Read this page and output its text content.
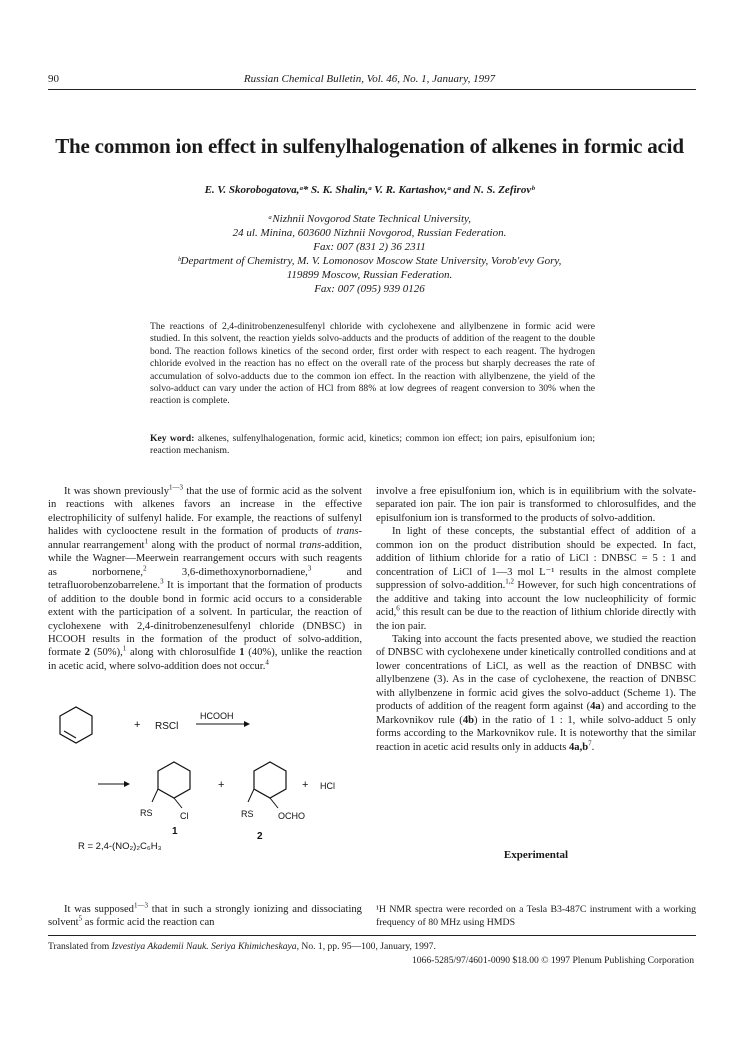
90	Russian Chemical Bulletin, Vol. 46, No. 1, January, 1997
The common ion effect in sulfenylhalogenation of alkenes in formic acid
E. V. Skorobogatova,ᵃ* S. K. Shalin,ᵃ V. R. Kartashov,ᵃ and N. S. Zefirovᵇ
ᵃNizhnii Novgorod State Technical University,
24 ul. Minina, 603600 Nizhnii Novgorod, Russian Federation.
Fax: 007 (831 2) 36 2311
ᵇDepartment of Chemistry, M. V. Lomonosov Moscow State University, Vorob'evy Gory,
119899 Moscow, Russian Federation.
Fax: 007 (095) 939 0126
The reactions of 2,4-dinitrobenzenesulfenyl chloride with cyclohexene and allylbenzene in formic acid were studied. In this solvent, the reaction yields solvo-adducts and the products of addition of the reagent to the double bond. The reaction follows kinetics of the second order, first order with respect to each reagent. The hydrogen chloride evolved in the reaction has no effect on the overall rate of the process but sharply decreases the rate of accumulation of solvo-adducts due to the common ion effect. In the reaction with allylbenzene, the yield of the solvo-adduct can vary under the action of HCl from 88% at low degrees of reagent conversion to 30% when the reaction is complete.
Key word: alkenes, sulfenylhalogenation, formic acid, kinetics; common ion effect; ion pairs, episulfonium ion; reaction mechanism.

It was shown previously$^{1—3}$ that the use of formic acid as the solvent in reactions with alkenes favors an increase in the effective electrophilicity of sulfenyl halide. For example, the reactions of sulfenyl halides with cyclooctene result in the formation of products of trans-annular rearrangement$^1$ along with the product of normal trans-addition, while the Wagner—Meerwein rearrangement occurs with such reagents as norbornene,$^2$ 3,6-dimethoxynorbornadiene,$^3$ and tetrafluorobenzobarrelene.$^3$ It is important that the formation of products of addition to the double bond in formic acid occurs to a considerable extent with the participation of a solvent. In particular, the reaction of cyclohexene with 2,4-dinitrobenzenesulfenyl chloride (DNBSC) in HCOOH results in the formation of the product of solvo-addition, formate 2 (50%),$^1$ along with chlorosulfide 1 (40%), unlike the reaction in acetic acid, where solvo-addition does not occur.$^4$

+ RSCl
HCOOH
RS	Cl
+
RS	OCHO
+ HCl
1	2
R = 2,4-(NO₂)₂C₆H₃
It was supposed$^{1—3}$ that in such a strongly ionizing and dissociating solvent$^5$ as formic acid the reaction can

involve a free episulfonium ion, which is in equilibrium with the solvate-separated ion pair. The ion pair is transformed to chlorosulfides, and the episulfonium ion is transformed to the products of solvo-addition.

In light of these concepts, the substantial effect of addition of a common ion on the product distribution should be expected. In fact, addition of lithium chloride for a ratio of LiCl : DNBSC = 5 : 1 and concentration of LiCl of 1—3 mol L⁻¹ results in the almost complete suppression of solvo-addition.$^{1,2}$ However, for such high concentrations of the additive and taking into account the low nucleophilicity of formic acid,$^6$ this result can be due to the reaction of lithium chloride directly with the ion pair.

Taking into account the facts presented above, we studied the reaction of DNBSC with cyclohexene under kinetically controlled conditions and at lower concentrations of LiCl, as well as the reaction of DNBSC with allylbenzene (3). As in the case of cyclohexene, the reaction of DNBSC with allylbenzene in formic acid gives the solvo-adduct (Scheme 1). The products of addition of the reagent form against (4a) and according to the Markovnikov rule (4b) in the ratio of 1 : 1, while solvo-adduct 5 only forms according to the Markovnikov rule. It is noteworthy that the similar reaction in acetic acid results only in adducts $4a,b^7$.

Experimental
¹H NMR spectra were recorded on a Tesla B3-487C instrument with a working frequency of 80 MHz using HMDS
Translated from Izvestiya Akademii Nauk. Seriya Khimicheskaya, No. 1, pp. 95—100, January, 1997.
1066-5285/97/4601-0090 $18.00 © 1997 Plenum Publishing Corporation
